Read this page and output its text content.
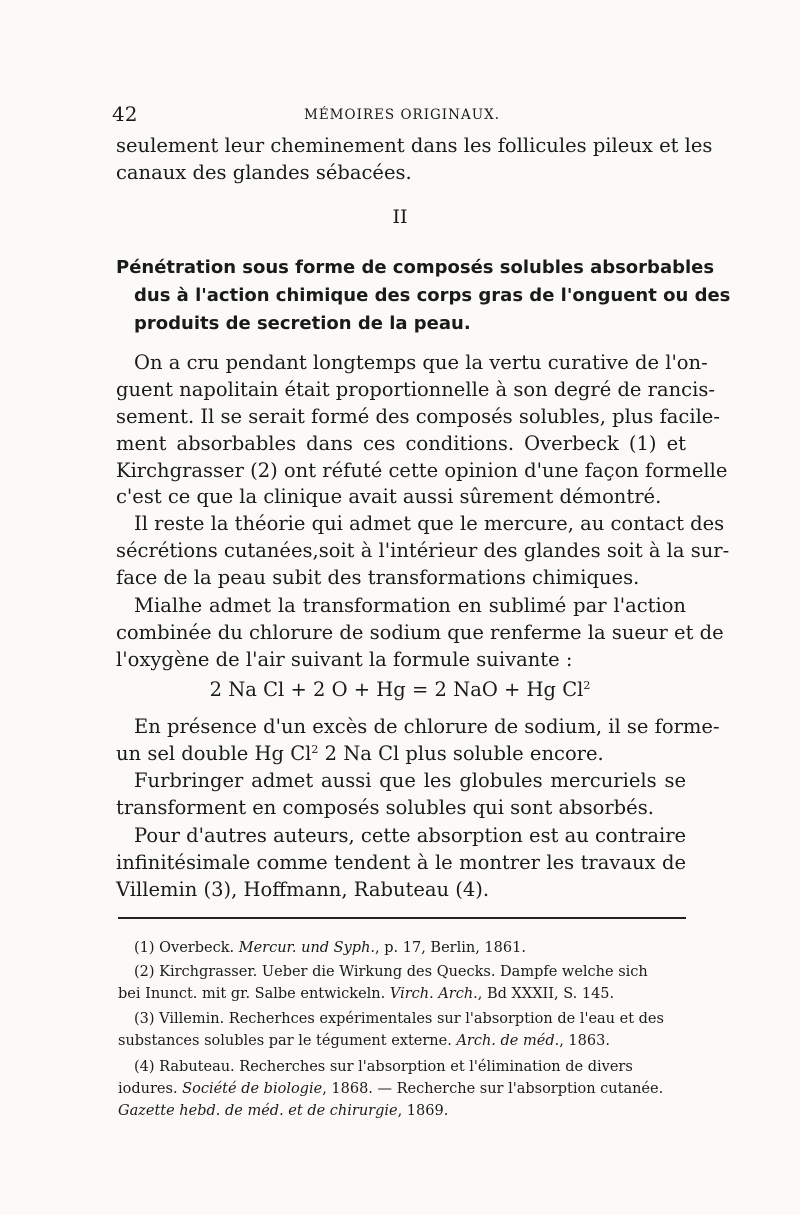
42	MÉMOIRES ORIGINAUX.
seulement leur cheminement dans les follicules pileux et les
canaux des glandes sébacées.
II
Pénétration sous forme de composés solubles absorbables
dus à l'action chimique des corps gras de l'onguent ou des
produits de secretion de la peau.
On a cru pendant longtemps que la vertu curative de l'on-
guent napolitain était proportionnelle à son degré de rancis-
sement. Il se serait formé des composés solubles, plus facile-
ment absorbables dans ces conditions. Overbeck (1) et
Kirchgrasser (2) ont réfuté cette opinion d'une façon formelle
c'est ce que la clinique avait aussi sûrement démontré.
Il reste la théorie qui admet que le mercure, au contact des
sécrétions cutanées,soit à l'intérieur des glandes soit à la sur-
face de la peau subit des transformations chimiques.
Mialhe admet la transformation en sublimé par l'action
combinée du chlorure de sodium que renferme la sueur et de
l'oxygène de l'air suivant la formule suivante :
2 Na Cl + 2 O + Hg = 2 NaO + Hg Cl$^2$
En présence d'un excès de chlorure de sodium, il se forme-
un sel double Hg Cl$^2$ 2 Na Cl plus soluble encore.
Furbringer admet aussi que les globules mercuriels se
transforment en composés solubles qui sont absorbés.
Pour d'autres auteurs, cette absorption est au contraire
infinitésimale comme tendent à le montrer les travaux de
Villemin (3), Hoffmann, Rabuteau (4).
(1) Overbeck. Mercur. und Syph., p. 17, Berlin, 1861.
(2) Kirchgrasser. Ueber die Wirkung des Quecks. Dampfe welche sich
bei Inunct. mit gr. Salbe entwickeln. Virch. Arch., Bd XXXII, S. 145.
(3) Villemin. Recherhces expérimentales sur l'absorption de l'eau et des
substances solubles par le tégument externe. Arch. de méd., 1863.
(4) Rabuteau. Recherches sur l'absorption et l'élimination de divers
iodures. Société de biologie, 1868. — Recherche sur l'absorption cutanée.
Gazette hebd. de méd. et de chirurgie, 1869.
